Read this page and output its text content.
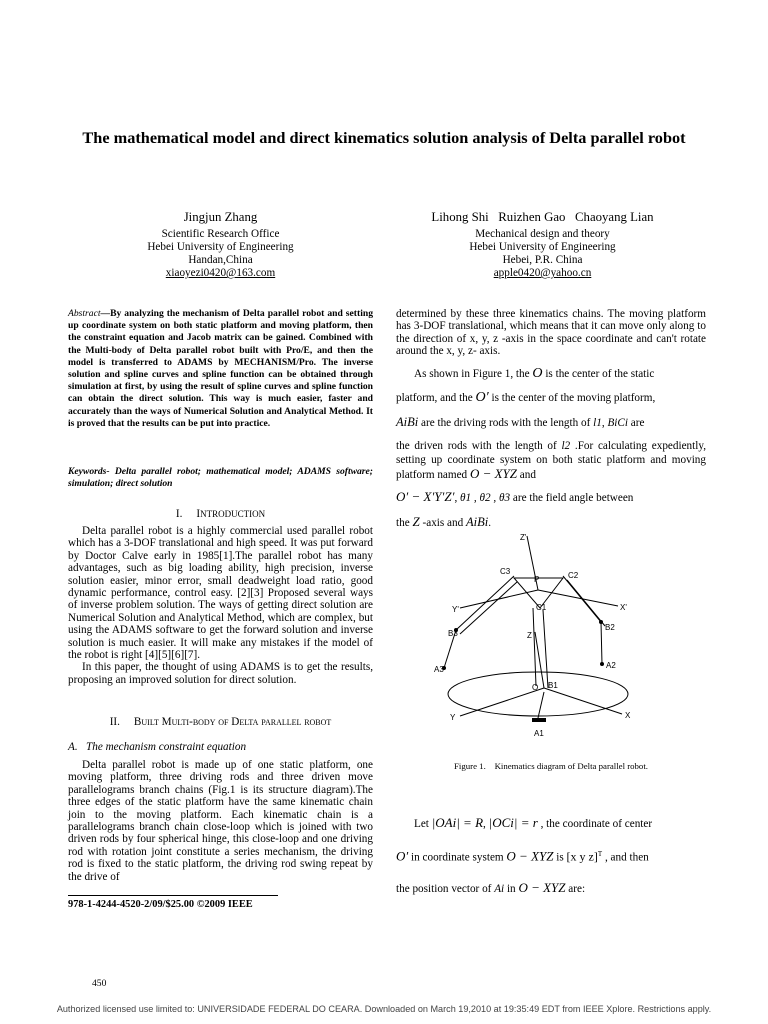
The mathematical model and direct kinematics solution analysis of Delta parallel robot
Jingjun Zhang
Scientific Research Office
Hebei University of Engineering
Handan,China
xiaoyezi0420@163.com
Lihong Shi   Ruizhen Gao   Chaoyang Lian
Mechanical design and theory
Hebei University of Engineering
Hebei, P.R. China
apple0420@yahoo.cn
Abstract—By analyzing the mechanism of Delta parallel robot and setting up coordinate system on both static platform and moving platform, then the constraint equation and Jacob matrix can be gained. Combined with the Multi-body of Delta parallel robot built with Pro/E, and then the model is transferred to ADAMS by MECHANISM/Pro. The inverse solution and spline curves and spline function can be obtained through simulation at first, by using the result of spline curves and spline function can obtain the direct solution. This way is much easier, faster and accurately than the ways of Numerical Solution and Analytical Method. It is proved that the results can be put into practice.
Keywords- Delta parallel robot; mathematical model; ADAMS software; simulation; direct solution
I. INTRODUCTION

Delta parallel robot is a highly commercial used parallel robot which has a 3-DOF translational and high speed. It was put forward by Doctor Calve early in 1985[1].The parallel robot has many advantages, such as big loading ability, high precision, inverse solution easier, minor error, small deadweight load ratio, good dynamic performance, control easy. [2][3] Proposed several ways of inverse problem solution. The ways of getting direct solution are Numerical Solution and Analytical Method, which are complex, but using the ADAMS software to get the forward solution and inverse solution is much easier. It will make any mistakes if the model of the robot is right [4][5][6][7].

In this paper, the thought of using ADAMS is to get the results, proposing an improved solution for direct solution.

II. Built Multi-body of Delta parallel robot
A.   The mechanism constraint equation

Delta parallel robot is made up of one static platform, one moving platform, three driving rods and three driven move parallelograms branch chains (Fig.1 is its structure diagram).The three edges of the static platform have the same kinematic chain join to the moving platform. Each kinematic chain is a parallelograms branch chain close-loop which is joined with two driven rods by four spherical hinge, this close-loop and one driving rod with rotation joint constitute a series mechanism, the driving rod is fixed to the static platform, the driving rod swing repeat by the drive of

978-1-4244-4520-2/09/$25.00 ©2009 IEEE
450
determined by these three kinematics chains. The moving platform has 3-DOF translational, which means that it can move only along to the direction of x, y, z -axis in the space coordinate and can't rotate around the x, y, z- axis.
As shown in Figure 1, the O is the center of the static
platform, and the O′ is the center of the moving platform,
AiBi are the driving rods with the length of l1, BiCi are
the driven rods with the length of l2 .For calculating expediently, setting up coordinate system on both static platform and moving platform named O − XYZ and
O′ − X′Y′Z′, θ1 , θ2 , θ3 are the field angle between
the Z -axis and AiBi.
Z'
C3	C2
P
Y'	C1	X'
B3
B2
Z
A3	A2
O B1
Y	X
A1
Figure 1.    Kinematics diagram of Delta parallel robot.
Let |OAi| = R, |OCi| = r , the coordinate of center
O′ in coordinate system O − XYZ is [x y z]$^T$ , and then
the position vector of Ai in O − XYZ are:
Authorized licensed use limited to: UNIVERSIDADE FEDERAL DO CEARA. Downloaded on March 19,2010 at 19:35:49 EDT from IEEE Xplore. Restrictions apply.
